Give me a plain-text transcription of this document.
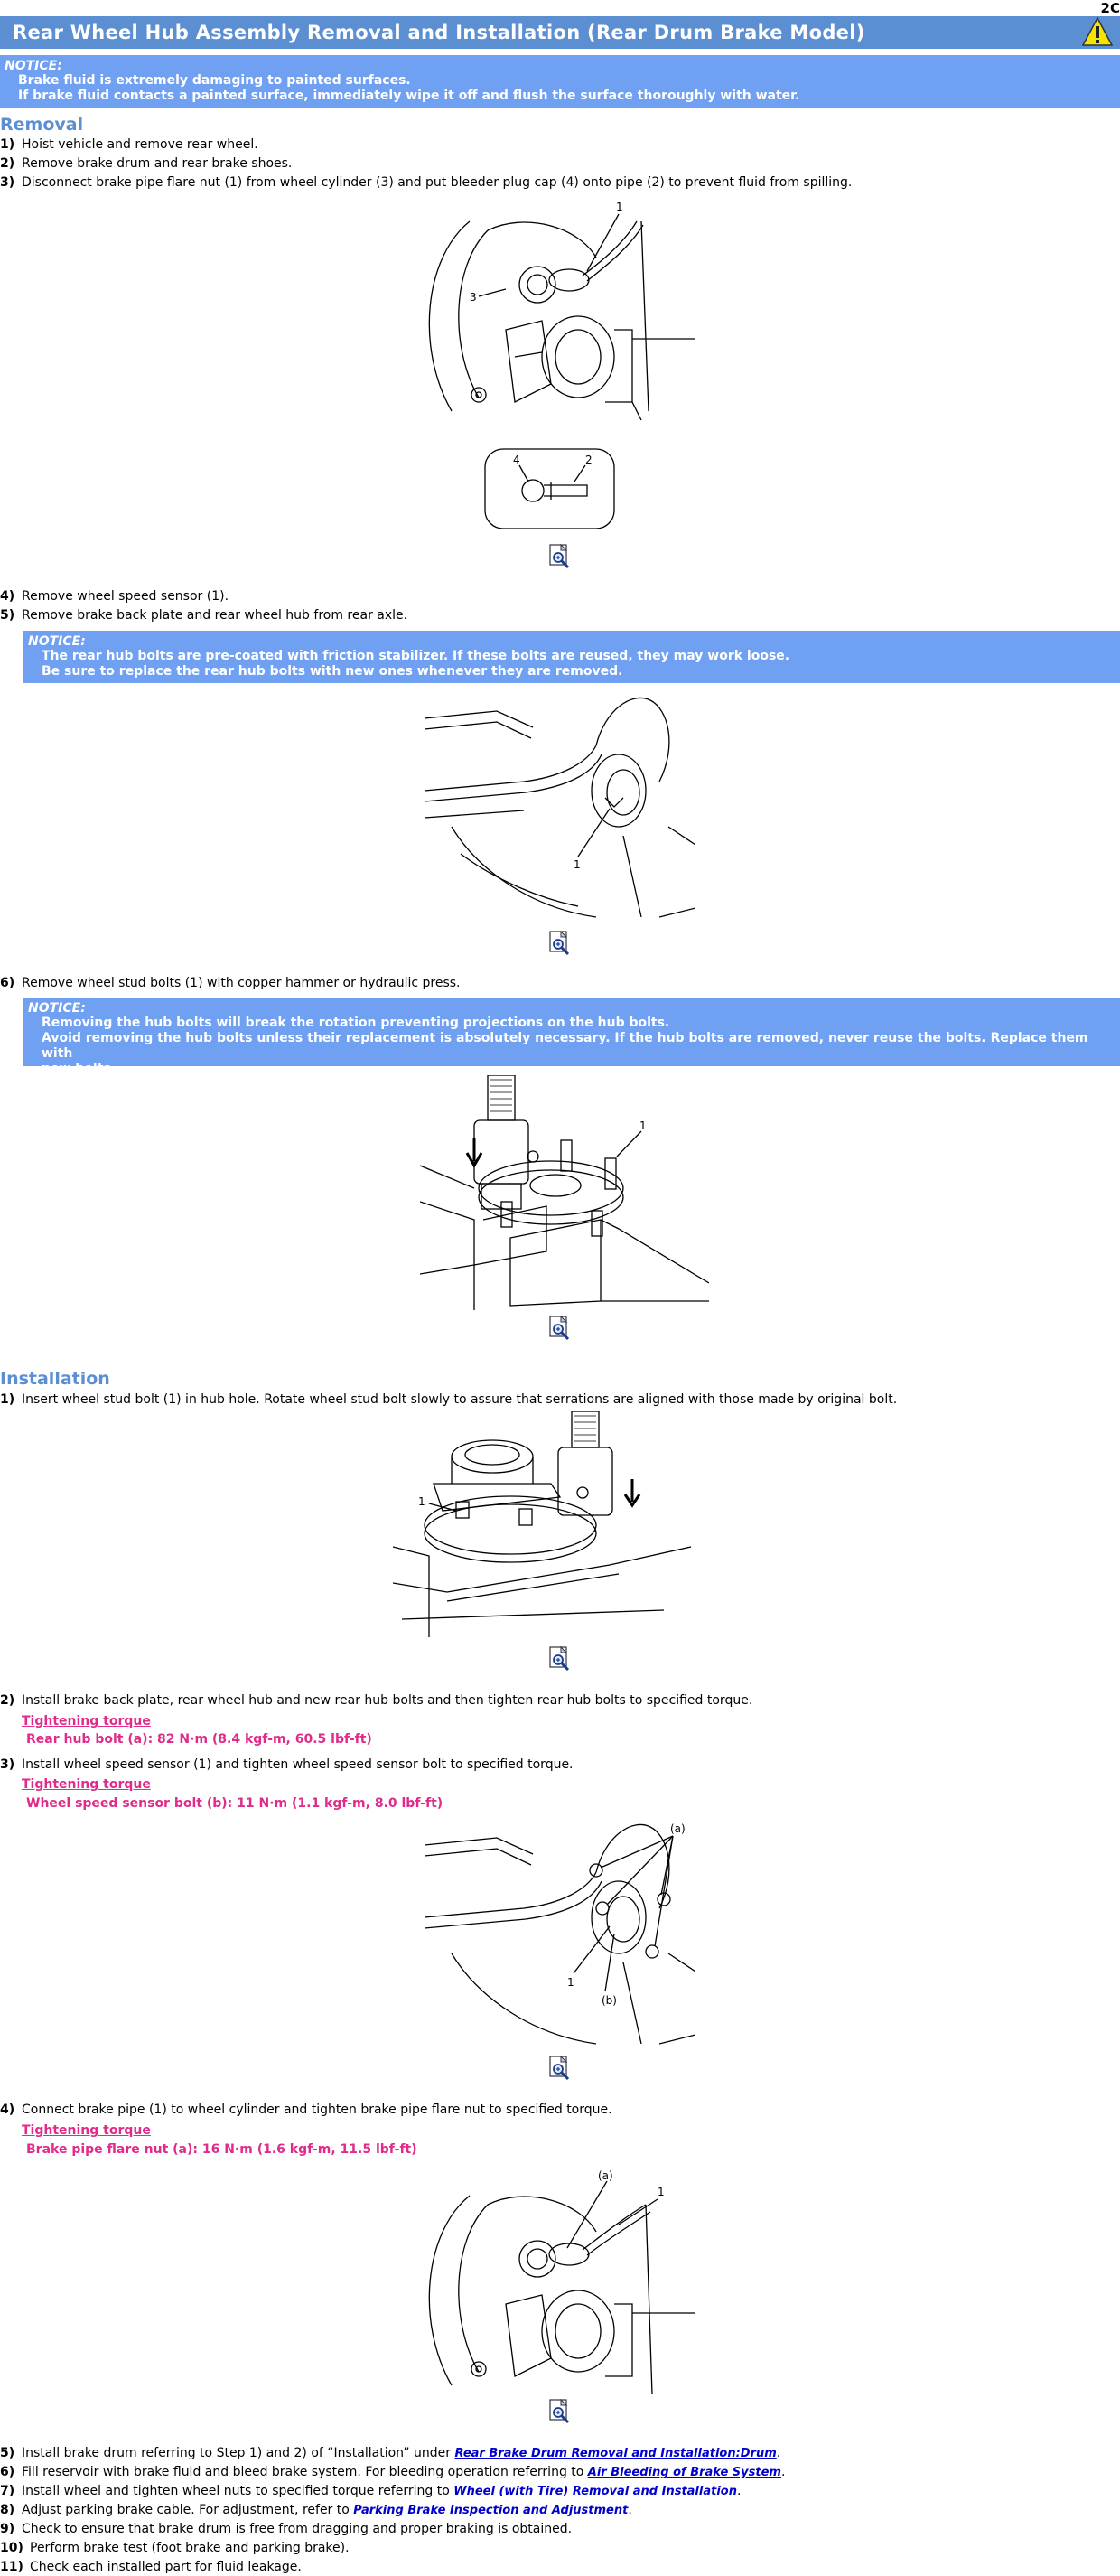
2C
Rear Wheel Hub Assembly Removal and Installation (Rear Drum Brake Model)
NOTICE:
Brake fluid is extremely damaging to painted surfaces.
If brake fluid contacts a painted surface, immediately wipe it off and flush the surface thoroughly with water.
Removal
1) Hoist vehicle and remove rear wheel.
2) Remove brake drum and rear brake shoes.
3) Disconnect brake pipe flare nut (1) from wheel cylinder (3) and put bleeder plug cap (4) onto pipe (2) to prevent fluid from spilling.
1
3
4	2
4) Remove wheel speed sensor (1).
5) Remove brake back plate and rear wheel hub from rear axle.
NOTICE:
The rear hub bolts are pre-coated with friction stabilizer. If these bolts are reused, they may work loose.
Be sure to replace the rear hub bolts with new ones whenever they are removed.
1
6) Remove wheel stud bolts (1) with copper hammer or hydraulic press.
NOTICE:
Removing the hub bolts will break the rotation preventing projections on the hub bolts.
Avoid removing the hub bolts unless their replacement is absolutely necessary. If the hub bolts are removed, never reuse the bolts. Replace them with
new bolts.
1
Installation
1) Insert wheel stud bolt (1) in hub hole. Rotate wheel stud bolt slowly to assure that serrations are aligned with those made by original bolt.
1
2) Install brake back plate, rear wheel hub and new rear hub bolts and then tighten rear hub bolts to specified torque.
Tightening torque
Rear hub bolt (a): 82 N·m (8.4 kgf-m, 60.5 lbf-ft)
3) Install wheel speed sensor (1) and tighten wheel speed sensor bolt to specified torque.
Tightening torque
Wheel speed sensor bolt (b): 11 N·m (1.1 kgf-m, 8.0 lbf-ft)
(a)
1
(b)
4) Connect brake pipe (1) to wheel cylinder and tighten brake pipe flare nut to specified torque.
Tightening torque
Brake pipe flare nut (a): 16 N·m (1.6 kgf-m, 11.5 lbf-ft)
(a)
1
5) Install brake drum referring to Step 1) and 2) of “Installation” under Rear Brake Drum Removal and Installation:Drum.
6) Fill reservoir with brake fluid and bleed brake system. For bleeding operation referring to Air Bleeding of Brake System.
7) Install wheel and tighten wheel nuts to specified torque referring to Wheel (with Tire) Removal and Installation.
8) Adjust parking brake cable. For adjustment, refer to Parking Brake Inspection and Adjustment.
9) Check to ensure that brake drum is free from dragging and proper braking is obtained.
10) Perform brake test (foot brake and parking brake).
11) Check each installed part for fluid leakage.
